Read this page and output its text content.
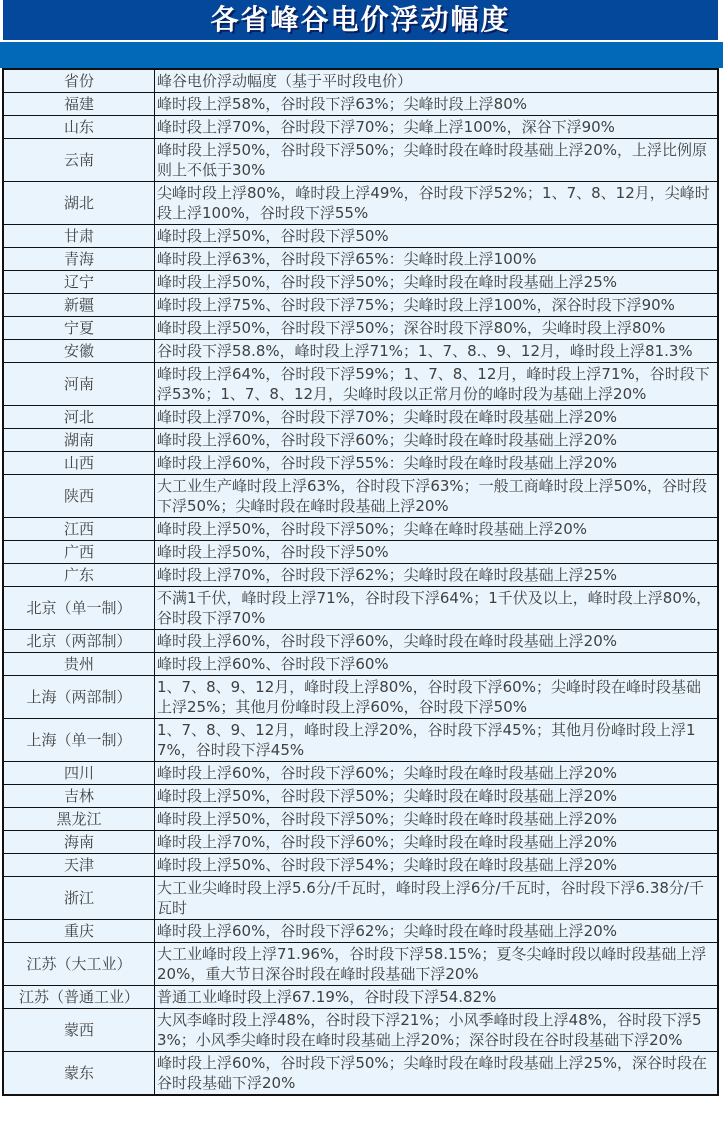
各省峰谷电价浮动幅度
省份	峰谷电价浮动幅度（基于平时段电价）
福建	峰时段上浮58%，谷时段下浮63%；尖峰时段上浮80%
山东	峰时段上浮70%，谷时段下浮70%；尖峰上浮100%，深谷下浮90%
云南	峰时段上浮50%，谷时段下浮50%；尖峰时段在峰时段基础上浮20%，上浮比例原则上不低于30%
湖北	尖峰时段上浮80%，峰时段上浮49%，谷时段下浮52%；1、7、8、12月，尖峰时段上浮100%，谷时段下浮55%
甘肃	峰时段上浮50%，谷时段下浮50%
青海	峰时段上浮63%，谷时段下浮65%：尖峰时段上浮100%
辽宁	峰时段上浮50%，谷时段下浮50%；尖峰时段在峰时段基础上浮25%
新疆	峰时段上浮75%、谷时段下浮75%；尖峰时段上浮100%，深谷时段下浮90%
宁夏	峰时段上浮50%，谷时段下浮50%；深谷时段下浮80%，尖峰时段上浮80%
安徽	谷时段下浮58.8%，峰时段上浮71%；1、7、8.、9、12月，峰时段上浮81.3%
河南	峰时段上浮64%，谷时段下浮59%；1、7、8、12月，峰时段上浮71%，谷时段下浮53%；1、7、8、12月，尖峰时段以正常月份的峰时段为基础上浮20%
河北	峰时段上浮70%，谷时段下浮70%；尖峰时段在峰时段基础上浮20%
湖南	峰时段上浮60%，谷时段下浮60%；尖峰时段在峰时段基础上浮20%
山西	峰时段上浮60%，谷时段下浮55%：尖峰时段在峰时段基础上浮20%
陕西	大工业生产峰时段上浮63%，谷时段下浮63%；一般工商峰时段上浮50%，谷时段下浮50%；尖峰时段在峰时段基础上浮20%
江西	峰时段上浮50%，谷时段下浮50%；尖峰在峰时段基础上浮20%
广西	峰时段上浮50%，谷时段下浮50%
广东	峰时段上浮70%，谷时段下浮62%；尖峰时段在峰时段基础上浮25%
北京（单一制）	不满1千伏，峰时段上浮71%，谷时段下浮64%；1千伏及以上，峰时段上浮80%，谷时段下浮70%
北京（两部制）	峰时段上浮60%，谷时段下浮60%，尖峰时段在峰时段基础上浮20%
贵州	峰时段上浮60%、谷时段下浮60%
上海（两部制）	1、7、8、9、12月，峰时段上浮80%，谷时段下浮60%；尖峰时段在峰时段基础上浮25%；其他月份峰时段上浮60%，谷时段下浮50%
上海（单一制）	1、7、8、9、12月，峰时段上浮20%，谷时段下浮45%；其他月份峰时段上浮17%，谷时段下浮45%
四川	峰时段上浮60%，谷时段下浮60%；尖峰时段在峰时段基础上浮20%
吉林	峰时段上浮50%，谷时段下浮50%；尖峰时段在峰时段基础上浮20%
黑龙江	峰时段上浮50%，谷时段下浮50%；尖峰时段在峰时段基础上浮20%
海南	峰时段上浮70%，谷时段下浮60%；尖峰时段在峰时段基础上浮20%
天津	峰时段上浮50%、谷时段下浮54%；尖峰时段在峰时段基础上浮20%
浙江	大工业尖峰时段上浮5.6分/千瓦时，峰时段上浮6分/千瓦时，谷时段下浮6.38分/千瓦时
重庆	峰时段上浮60%，谷时段下浮62%；尖峰时段在峰时段基础上浮20%
江苏（大工业）	大工业峰时段上浮71.96%，谷时段下浮58.15%；夏冬尖峰时段以峰时段基础上浮20%，重大节日深谷时段在峰时段基础下浮20%
江苏（普通工业）	普通工业峰时段上浮67.19%，谷时段下浮54.82%
蒙西	大风李峰时段上浮48%，谷时段下浮21%；小风季峰时段上浮48%，谷时段下浮53%；小风季尖峰时段在峰时段基础上浮20%；深谷时段在谷时段基础下浮20%
蒙东	峰时段上浮60%，谷时段下浮50%；尖峰时段在峰时段基础上浮25%，深谷时段在谷时段基础下浮20%
